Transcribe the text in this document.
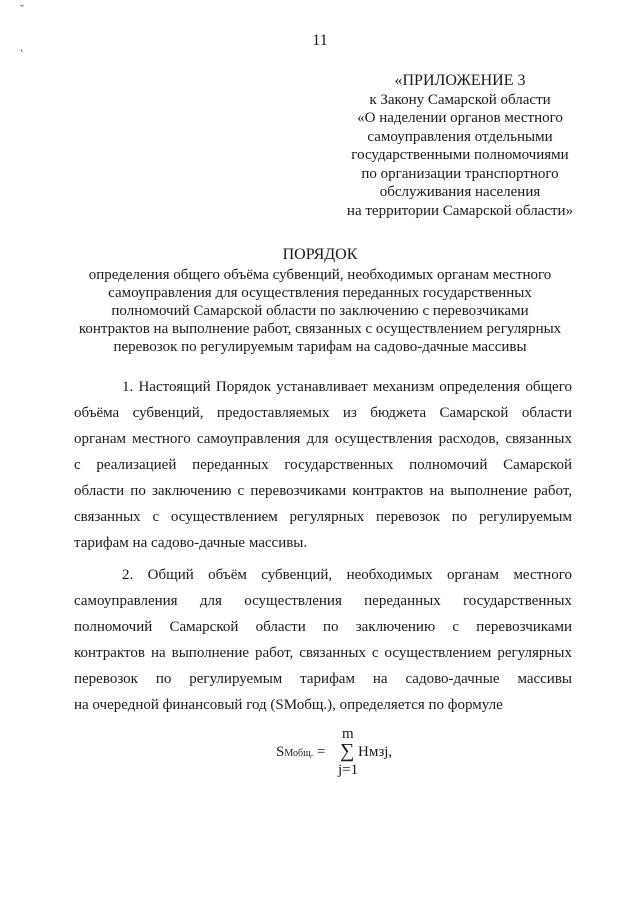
ˇ
˛	11
«ПРИЛОЖЕНИЕ 3
к Закону Самарской области
«О наделении органов местного
самоуправления отдельными
государственными полномочиями
по организации транспортного
обслуживания населения
на территории Самарской области»
ПОРЯДОК
определения общего объёма субвенций, необходимых органам местного
самоуправления для осуществления переданных государственных
полномочий Самарской области по заключению с перевозчиками
контрактов на выполнение работ, связанных с осуществлением регулярных
перевозок по регулируемым тарифам на садово-дачные массивы
1. Настоящий Порядок устанавливает механизм определения общего
объёма субвенций, предоставляемых из бюджета Самарской области
органам местного самоуправления для осуществления расходов, связанных
с реализацией переданных государственных полномочий Самарской
области по заключению с перевозчиками контрактов на выполнение работ,
связанных с осуществлением регулярных перевозок по регулируемым
тарифам на садово-дачные массивы.
2. Общий объём субвенций, необходимых органам местного
самоуправления для осуществления переданных государственных
полномочий Самарской области по заключению с перевозчиками
контрактов на выполнение работ, связанных с осуществлением регулярных
перевозок по регулируемым тарифам на садово-дачные массивы
на очередной финансовый год (SМобщ.), определяется по формуле
m
SМобщ. = ∑ Нмзj,
j=1
